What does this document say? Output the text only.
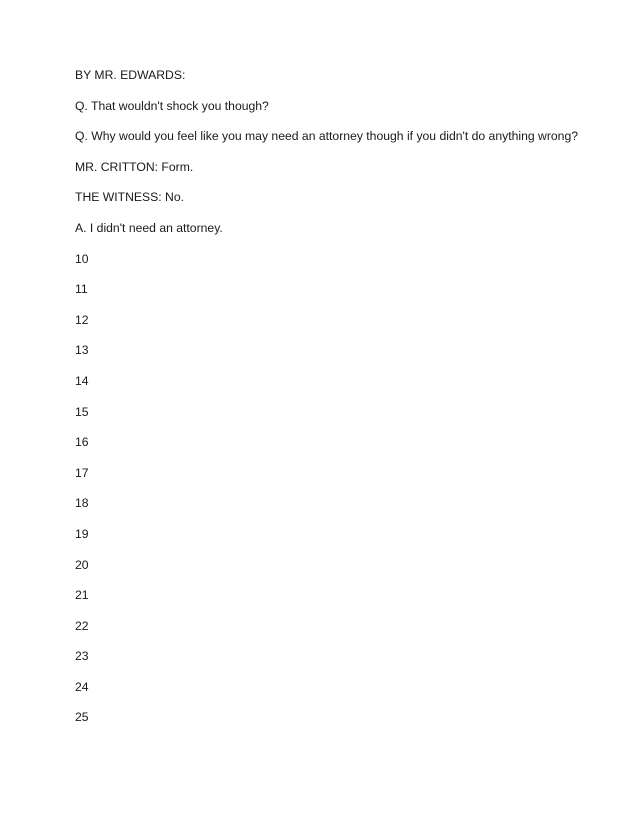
BY MR. EDWARDS:
Q. That wouldn't shock you though?
Q. Why would you feel like you may need an attorney though if you didn't do anything wrong?
MR. CRITTON: Form.
THE WITNESS: No.
A. I didn't need an attorney.
10
11
12
13
14
15
16
17
18
19
20
21
22
23
24
25
